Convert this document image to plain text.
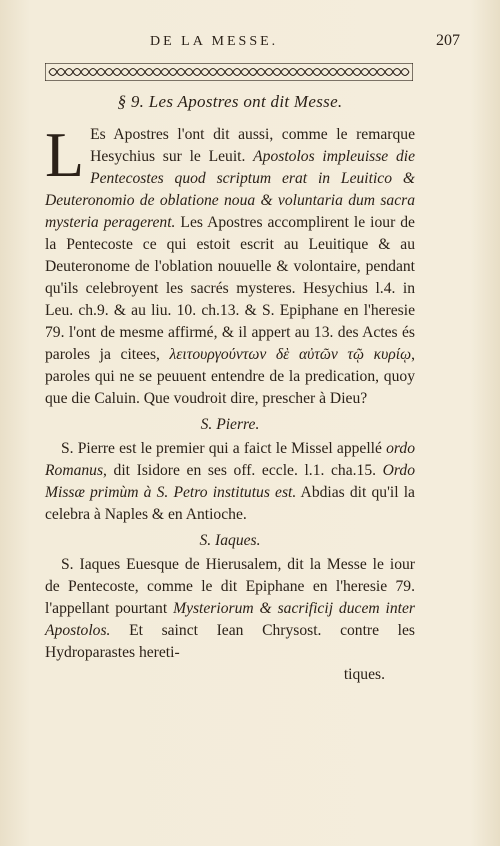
DE LA MESSE.	207

§ 9. Les Apostres ont dit Messe.

L Es Apostres l'ont dit aussi, comme le remarque Hesychius sur le Leuit. Apostolos impleuisse die Pentecostes quod scriptum erat in Leuitico & Deuteronomio de oblatione noua & voluntaria dum sacra mysteria peragerent. Les Apostres accomplirent le iour de la Pentecoste ce qui estoit escrit au Leuitique & au Deuteronome de l'oblation nouuelle & volontaire, pendant qu'ils celebroyent les sacrés mysteres. Hesychius l.4. in Leu. ch.9. & au liu. 10. ch.13. & S. Epiphane en l'heresie 79. l'ont de mesme affirmé, & il appert au 13. des Actes és paroles ja citees, λειτουργούντων δὲ αὐτῶν τῷ κυρίῳ, paroles qui ne se peuuent entendre de la predication, quoy que die Caluin. Que voudroit dire, prescher à Dieu?

S. Pierre.

S. Pierre est le premier qui a faict le Missel appellé ordo Romanus, dit Isidore en ses off. eccle. l.1. cha.15. Ordo Missæ primùm à S. Petro institutus est. Abdias dit qu'il la celebra à Naples & en Antioche.

S. Iaques.

S. Iaques Euesque de Hierusalem, dit la Messe le iour de Pentecoste, comme le dit Epiphane en l'heresie 79. l'appellant pourtant Mysteriorum & sacrificij ducem inter Apostolos. Et sainct Iean Chrysost. contre les Hydroparastes hereti-

tiques.
